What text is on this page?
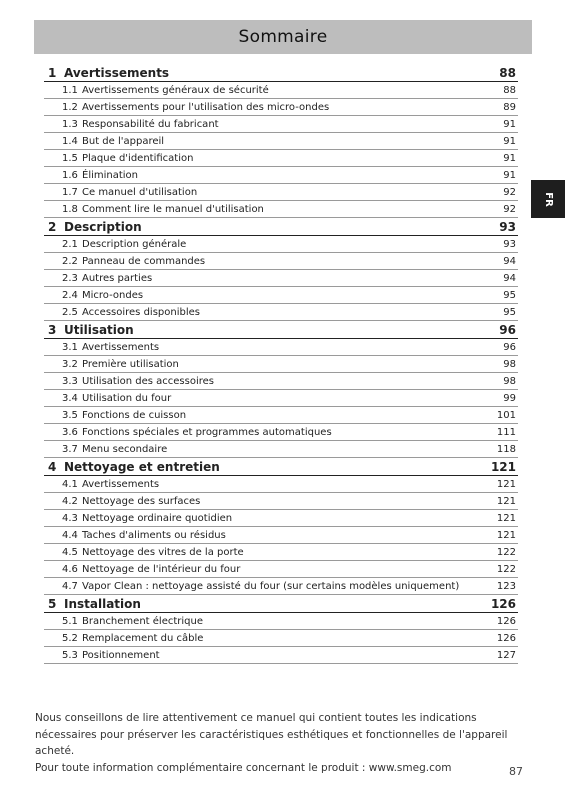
Sommaire
FR
1 Avertissements	88
1.1 Avertissements généraux de sécurité	88
1.2 Avertissements pour l'utilisation des micro-ondes	89
1.3 Responsabilité du fabricant	91
1.4 But de l'appareil	91
1.5 Plaque d'identification	91
1.6 Élimination	91
1.7 Ce manuel d'utilisation	92
1.8 Comment lire le manuel d'utilisation	92
2 Description	93
2.1 Description générale	93
2.2 Panneau de commandes	94
2.3 Autres parties	94
2.4 Micro-ondes	95
2.5 Accessoires disponibles	95
3 Utilisation	96
3.1 Avertissements	96
3.2 Première utilisation	98
3.3 Utilisation des accessoires	98
3.4 Utilisation du four	99
3.5 Fonctions de cuisson	101
3.6 Fonctions spéciales et programmes automatiques	111
3.7 Menu secondaire	118
4 Nettoyage et entretien	121
4.1 Avertissements	121
4.2 Nettoyage des surfaces	121
4.3 Nettoyage ordinaire quotidien	121
4.4 Taches d'aliments ou résidus	121
4.5 Nettoyage des vitres de la porte	122
4.6 Nettoyage de l'intérieur du four	122
4.7 Vapor Clean : nettoyage assisté du four (sur certains modèles uniquement)	123
5 Installation	126
5.1 Branchement électrique	126
5.2 Remplacement du câble	126
5.3 Positionnement	127
Nous conseillons de lire attentivement ce manuel qui contient toutes les indications
nécessaires pour préserver les caractéristiques esthétiques et fonctionnelles de l'appareil acheté.
Pour toute information complémentaire concernant le produit : www.smeg.com	87
